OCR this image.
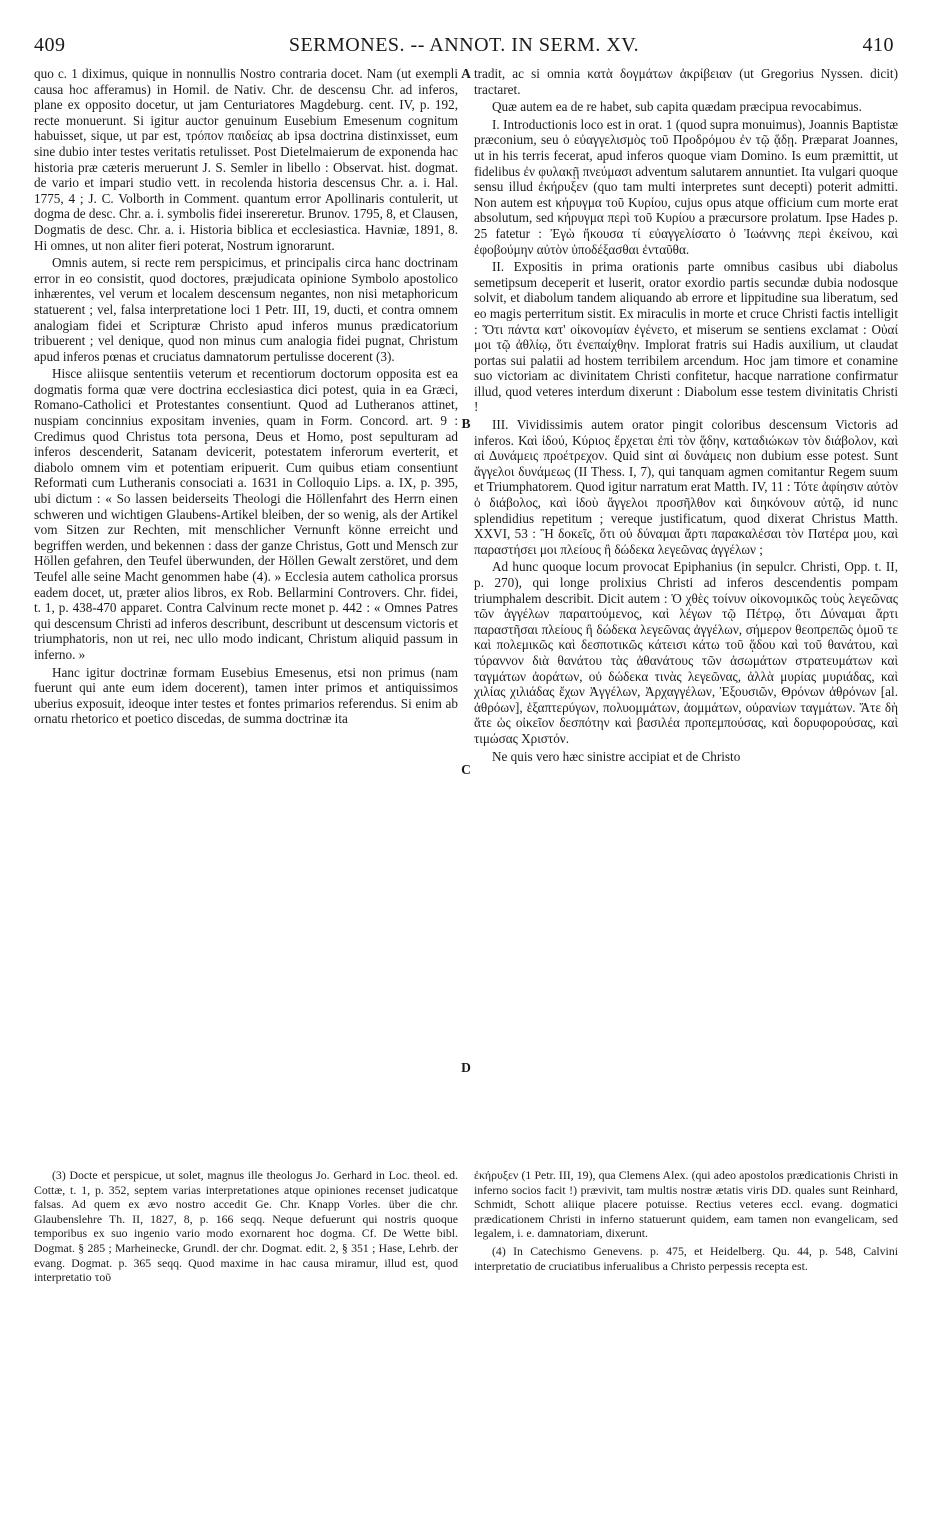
409	SERMONES. -- ANNOT. IN SERM. XV.	410

quo c. 1 diximus, quique in nonnullis Nostro contraria docet. Nam (ut exempli causa hoc afferamus) in Homil. de Nativ. Chr. de descensu Chr. ad inferos, plane ex opposito docetur, ut jam Centuriatores Magdeburg. cent. IV, p. 192, recte monuerunt. Si igitur auctor genuinum Eusebium Emesenum cognitum habuisset, sique, ut par est, τρόπον παιδείας ab ipsa doctrina distinxisset, eum sine dubio inter testes veritatis retulisset. Post Dietelmaierum de exponenda hac historia præ cæteris meruerunt J. S. Semler in libello : Observat. hist. dogmat. de vario et impari studio vett. in recolenda historia descensus Chr. a. i. Hal. 1775, 4 ; J. C. Volborth in Comment. quantum error Apollinaris contulerit, ut dogma de desc. Chr. a. i. symbolis fidei insereretur. Brunov. 1795, 8, et Clausen, Dogmatis de desc. Chr. a. i. Historia biblica et ecclesiastica. Havniæ, 1891, 8. Hi omnes, ut non aliter fieri poterat, Nostrum ignorarunt.

Omnis autem, si recte rem perspicimus, et principalis circa hanc doctrinam error in eo consistit, quod doctores, præjudicata opinione Symbolo apostolico inhærentes, vel verum et localem descensum negantes, non nisi metaphoricum statuerent ; vel, falsa interpretatione loci 1 Petr. III, 19, ducti, et contra omnem analogiam fidei et Scripturæ Christo apud inferos munus prædicatorium tribuerent ; vel denique, quod non minus cum analogia fidei pugnat, Christum apud inferos pœnas et cruciatus damnatorum pertulisse docerent (3).

Hisce aliisque sententiis veterum et recentiorum doctorum opposita est ea dogmatis forma quæ vere doctrina ecclesiastica dici potest, quia in ea Græci, Romano-Catholici et Protestantes consentiunt. Quod ad Lutheranos attinet, nuspiam concinnius expositam invenies, quam in Form. Concord. art. 9 : Credimus quod Christus tota persona, Deus et Homo, post sepulturam ad inferos descenderit, Satanam devicerit, potestatem inferorum everterit, et diabolo omnem vim et potentiam eripuerit. Cum quibus etiam consentiunt Reformati cum Lutheranis consociati a. 1631 in Colloquio Lips. a. IX, p. 395, ubi dictum : « So lassen beiderseits Theologi die Höllenfahrt des Herrn einen schweren und wichtigen Glaubens-Artikel bleiben, der so wenig, als der Artikel vom Sitzen zur Rechten, mit menschlicher Vernunft könne erreicht und begriffen werden, und bekennen : dass der ganze Christus, Gott und Mensch zur Höllen gefahren, den Teufel überwunden, der Höllen Gewalt zerstöret, und dem Teufel alle seine Macht genommen habe (4). » Ecclesia autem catholica prorsus eadem docet, ut, præter alios libros, ex Rob. Bellarmini Controvers. Chr. fidei, t. 1, p. 438-470 apparet. Contra Calvinum recte monet p. 442 : « Omnes Patres qui descensum Christi ad inferos describunt, describunt ut descensum victoris et triumphatoris, non ut rei, nec ullo modo indicant, Christum aliquid passum in inferno. »

Hanc igitur doctrinæ formam Eusebius Emesenus, etsi non primus (nam fuerunt qui ante eum idem docerent), tamen inter primos et antiquissimos uberius exposuit, ideoque inter testes et fontes primarios referendus. Si enim ab ornatu rhetorico et poetico discedas, de summa doctrinæ ita

A
B
C
D

tradit, ac si omnia κατὰ δογμάτων ἀκρίβειαν (ut Gregorius Nyssen. dicit) tractaret.

Quæ autem ea de re habet, sub capita quædam præcipua revocabimus.

I. Introductionis loco est in orat. 1 (quod supra monuimus), Joannis Baptistæ præconium, seu ὁ εὐαγγελισμὸς τοῦ Προδρόμου ἐν τῷ ᾅδῃ. Præparat Joannes, ut in his terris fecerat, apud inferos quoque viam Domino. Is eum præmittit, ut fidelibus ἐν φυλακῇ πνεύμασι adventum salutarem annuntiet. Ita vulgari quoque sensu illud ἐκήρυξεν (quo tam multi interpretes sunt decepti) poterit admitti. Non autem est κήρυγμα τοῦ Κυρίου, cujus opus atque officium cum morte erat absolutum, sed κήρυγμα περὶ τοῦ Κυρίου a præcursore prolatum. Ipse Hades p. 25 fatetur : Ἐγὼ ἤκουσα τί εὐαγγελίσατο ὁ Ἰωάννης περὶ ἐκείνου, καὶ ἐφοβούμην αὐτὸν ὑποδέξασθαι ἐνταῦθα.

II. Expositis in prima orationis parte omnibus casibus ubi diabolus semetipsum deceperit et luserit, orator exordio partis secundæ dubia nodosque solvit, et diabolum tandem aliquando ab errore et lippitudine sua liberatum, sed eo magis perterritum sistit. Ex miraculis in morte et cruce Christi factis intelligit : Ὅτι πάντα κατ' οἰκονομίαν ἐγένετο, et miserum se sentiens exclamat : Οὐαί μοι τῷ ἀθλίῳ, ὅτι ἐνεπαίχθην. Implorat fratris sui Hadis auxilium, ut claudat portas sui palatii ad hostem terribilem arcendum. Hoc jam timore et conamine suo victoriam ac divinitatem Christi confitetur, hacque narratione confirmatur illud, quod veteres interdum dixerunt : Diabolum esse testem divinitatis Christi !

III. Vividissimis autem orator pingit coloribus descensum Victoris ad inferos. Καὶ ἰδού, Κύριος ἔρχεται ἐπὶ τὸν ᾅδην, καταδιώκων τὸν διάβολον, καὶ αἱ Δυνάμεις προέτρεχον. Quid sint αἱ δυνάμεις non dubium esse potest. Sunt ἄγγελοι δυνάμεως (II Thess. I, 7), qui tanquam agmen comitantur Regem suum et Triumphatorem. Quod igitur narratum erat Matth. IV, 11 : Τότε ἀφίησιν αὐτὸν ὁ διάβολος, καὶ ἰδοὺ ἄγγελοι προσῆλθον καὶ διηκόνουν αὐτῷ, id nunc splendidius repetitum ; vereque justificatum, quod dixerat Christus Matth. XXVI, 53 : Ἢ δοκεῖς, ὅτι οὐ δύναμαι ἄρτι παρακαλέσαι τὸν Πατέρα μου, καὶ παραστήσει μοι πλείους ἢ δώδεκα λεγεῶνας ἀγγέλων ;

Ad hunc quoque locum provocat Epiphanius (in sepulcr. Christi, Opp. t. II, p. 270), qui longe prolixius Christi ad inferos descendentis pompam triumphalem describit. Dicit autem : Ὁ χθὲς τοίνυν οἰκονομικῶς τοὺς λεγεῶνας τῶν ἀγγέλων παραιτούμενος, καὶ λέγων τῷ Πέτρῳ, ὅτι Δύναμαι ἄρτι παραστῆσαι πλείους ἢ δώδεκα λεγεῶνας ἀγγέλων, σήμερον θεοπρεπῶς ὁμοῦ τε καὶ πολεμικῶς καὶ δεσποτικῶς κάτεισι κάτω τοῦ ᾅδου καὶ τοῦ θανάτου, καὶ τύραννον διὰ θανάτου τὰς ἀθανάτους τῶν ἀσωμάτων στρατευμάτων καὶ ταγμάτων ἀοράτων, οὐ δώδεκα τινὰς λεγεῶνας, ἀλλὰ μυρίας μυριάδας, καὶ χιλίας χιλιάδας ἔχων Ἀγγέλων, Ἀρχαγγέλων, Ἐξουσιῶν, Θρόνων ἀθρόνων [al. ἀθρόων], ἑξαπτερύγων, πολυομμάτων, ἀομμάτων, οὐρανίων ταγμάτων. Ἅτε δὴ ἅτε ὡς οἰκεῖον δεσπότην καὶ βασιλέα προπεμπούσας, καὶ δορυφορούσας, καὶ τιμώσας Χριστόν.

Ne quis vero hæc sinistre accipiat et de Christo

(3) Docte et perspicue, ut solet, magnus ille theologus Jo. Gerhard in Loc. theol. ed. Cottæ, t. 1, p. 352, septem varias interpretationes atque opiniones recenset judicatque falsas. Ad quem ex ævo nostro accedit Ge. Chr. Knapp Vorles. über die chr. Glaubenslehre Th. II, 1827, 8, p. 166 seqq. Neque defuerunt qui nostris quoque temporibus ex suo ingenio vario modo exornarent hoc dogma. Cf. De Wette bibl. Dogmat. § 285 ; Marheinecke, Grundl. der chr. Dogmat. edit. 2, § 351 ; Hase, Lehrb. der evang. Dogmat. p. 365 seqq. Quod maxime in hac causa miramur, illud est, quod interpretatio τοῦ

ἐκήρυξεν (1 Petr. III, 19), qua Clemens Alex. (qui adeo apostolos prædicationis Christi in inferno socios facit !) prævivit, tam multis nostræ ætatis viris DD. quales sunt Reinhard, Schmidt, Schott aliique placere potuisse. Rectius veteres eccl. evang. dogmatici prædicationem Christi in inferno statuerunt quidem, eam tamen non evangelicam, sed legalem, i. e. damnatoriam, dixerunt.

(4) In Catechismo Genevens. p. 475, et Heidelberg. Qu. 44, p. 548, Calvini interpretatio de cruciatibus inferualibus a Christo perpessis recepta est.
